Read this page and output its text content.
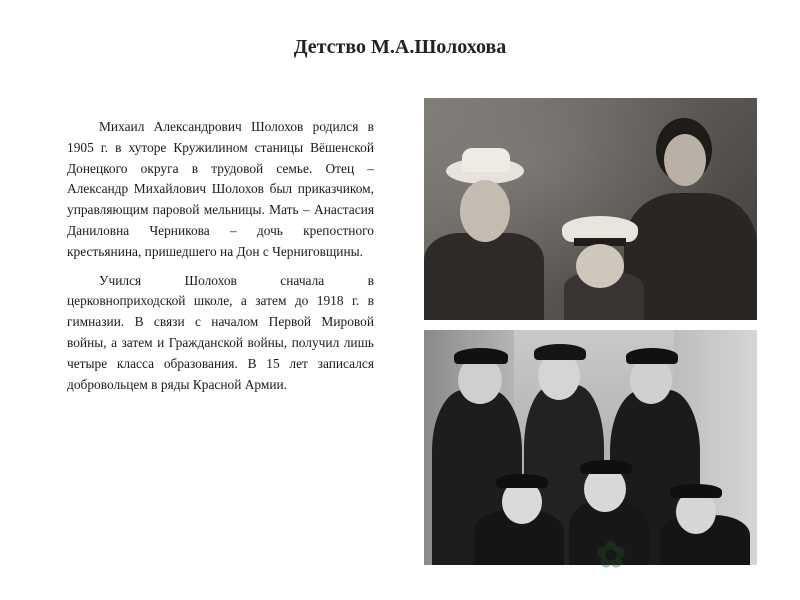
Детство М.А.Шолохова

Михаил Александрович Шолохов родился в 1905 г. в хуторе Кружилином станицы Вёшенской Донецкого округа в трудовой семье. Отец – Александр Михайлович Шолохов был приказчиком, управляющим паровой мельницы. Мать – Анастасия Даниловна Черникова – дочь крепостного крестьянина, пришедшего на Дон с Черниговщины.

Учился Шолохов сначала в церковноприходской школе, а затем до 1918 г. в гимназии. В связи с началом Первой Мировой войны, а затем и Гражданской войны, получил лишь четыре класса образования. В 15 лет записался добровольцем в ряды Красной Армии.

✿
